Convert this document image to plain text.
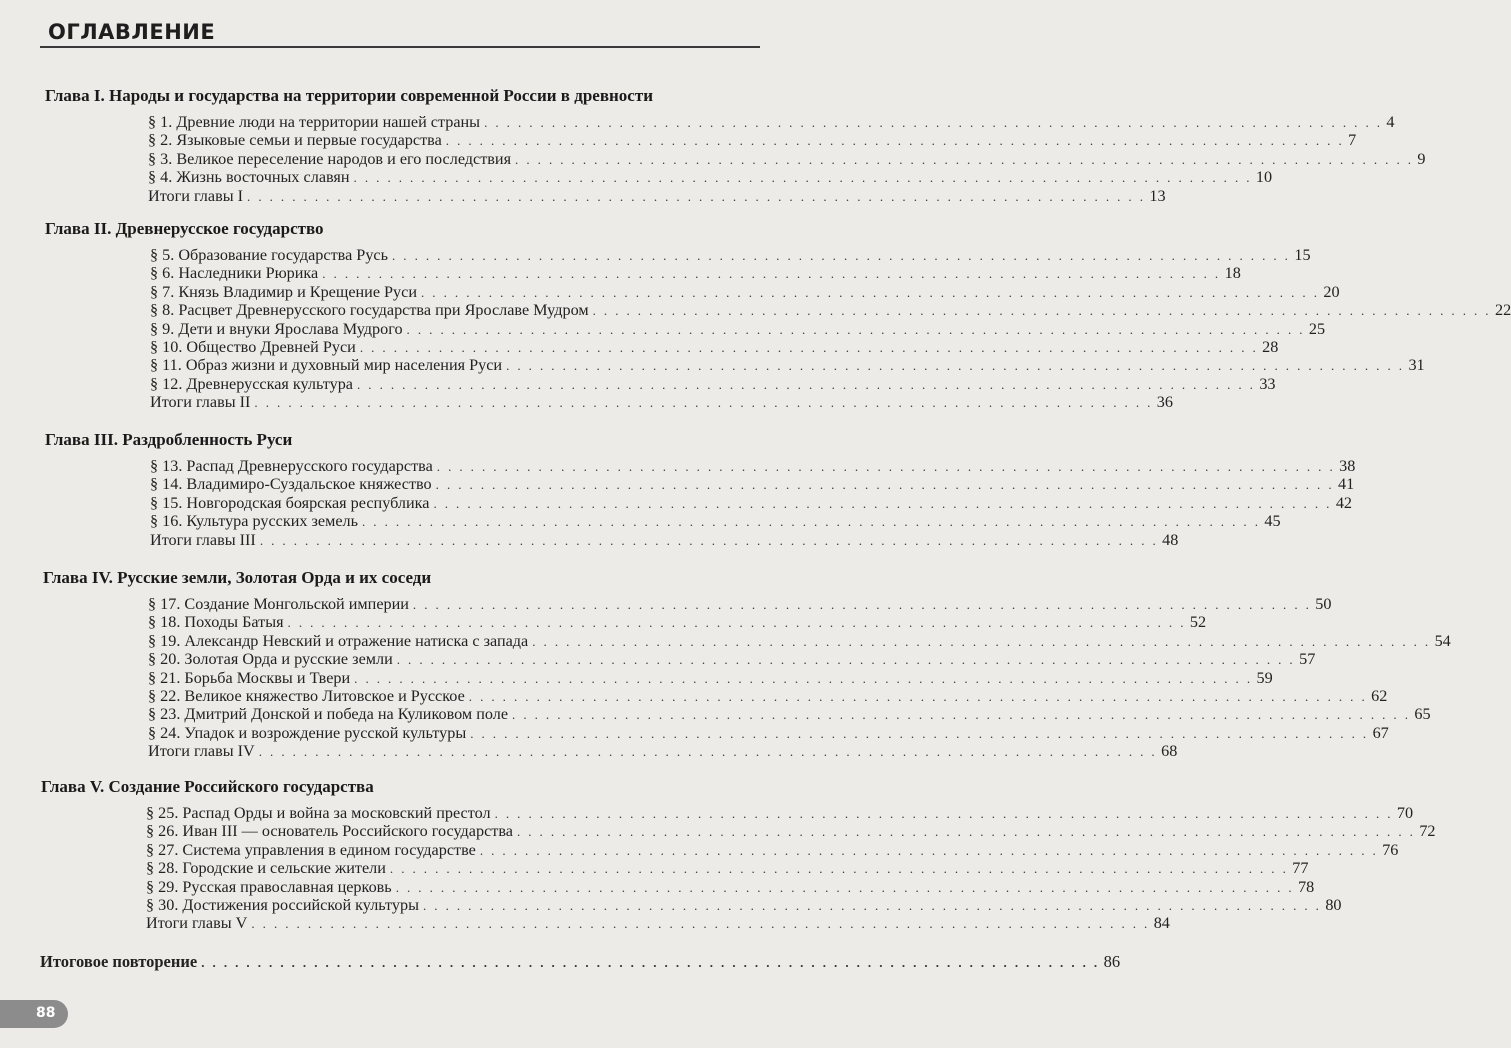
ОГЛАВЛЕНИЕ
Глава I. Народы и государства на территории современной России в древности
§ 1. Древние люди на территории нашей страны . . . . . . . . . . . . . . . . . . . . . . . . . . . . . . . . . . . . . . . . . . . . . . . . . . . . . . . . . . . . . . . . . . . . . . . . . . . . . . . . 4
§ 2. Языковые семьи и первые государства . . . . . . . . . . . . . . . . . . . . . . . . . . . . . . . . . . . . . . . . . . . . . . . . . . . . . . . . . . . . . . . . . . . . . . . . . . . . . . . . 7
§ 3. Великое переселение народов и его последствия . . . . . . . . . . . . . . . . . . . . . . . . . . . . . . . . . . . . . . . . . . . . . . . . . . . . . . . . . . . . . . . . . . . . . . . . . . . . . . . . 9
§ 4. Жизнь восточных славян . . . . . . . . . . . . . . . . . . . . . . . . . . . . . . . . . . . . . . . . . . . . . . . . . . . . . . . . . . . . . . . . . . . . . . . . . . . . . . . . 10
Итоги главы I . . . . . . . . . . . . . . . . . . . . . . . . . . . . . . . . . . . . . . . . . . . . . . . . . . . . . . . . . . . . . . . . . . . . . . . . . . . . . . . . 13
Глава II. Древнерусское государство
§ 5. Образование государства Русь . . . . . . . . . . . . . . . . . . . . . . . . . . . . . . . . . . . . . . . . . . . . . . . . . . . . . . . . . . . . . . . . . . . . . . . . . . . . . . . . 15
§ 6. Наследники Рюрика . . . . . . . . . . . . . . . . . . . . . . . . . . . . . . . . . . . . . . . . . . . . . . . . . . . . . . . . . . . . . . . . . . . . . . . . . . . . . . . . 18
§ 7. Князь Владимир и Крещение Руси . . . . . . . . . . . . . . . . . . . . . . . . . . . . . . . . . . . . . . . . . . . . . . . . . . . . . . . . . . . . . . . . . . . . . . . . . . . . . . . . 20
§ 8. Расцвет Древнерусского государства при Ярославе Мудром . . . . . . . . . . . . . . . . . . . . . . . . . . . . . . . . . . . . . . . . . . . . . . . . . . . . . . . . . . . . . . . . . . . . . . . . . . . . . . . . 22
§ 9. Дети и внуки Ярослава Мудрого . . . . . . . . . . . . . . . . . . . . . . . . . . . . . . . . . . . . . . . . . . . . . . . . . . . . . . . . . . . . . . . . . . . . . . . . . . . . . . . . 25
§ 10. Общество Древней Руси . . . . . . . . . . . . . . . . . . . . . . . . . . . . . . . . . . . . . . . . . . . . . . . . . . . . . . . . . . . . . . . . . . . . . . . . . . . . . . . . 28
§ 11. Образ жизни и духовный мир населения Руси . . . . . . . . . . . . . . . . . . . . . . . . . . . . . . . . . . . . . . . . . . . . . . . . . . . . . . . . . . . . . . . . . . . . . . . . . . . . . . . . 31
§ 12. Древнерусская культура . . . . . . . . . . . . . . . . . . . . . . . . . . . . . . . . . . . . . . . . . . . . . . . . . . . . . . . . . . . . . . . . . . . . . . . . . . . . . . . . 33
Итоги главы II . . . . . . . . . . . . . . . . . . . . . . . . . . . . . . . . . . . . . . . . . . . . . . . . . . . . . . . . . . . . . . . . . . . . . . . . . . . . . . . . 36
Глава III. Раздробленность Руси
§ 13. Распад Древнерусского государства . . . . . . . . . . . . . . . . . . . . . . . . . . . . . . . . . . . . . . . . . . . . . . . . . . . . . . . . . . . . . . . . . . . . . . . . . . . . . . . . 38
§ 14. Владимиро-Суздальское княжество . . . . . . . . . . . . . . . . . . . . . . . . . . . . . . . . . . . . . . . . . . . . . . . . . . . . . . . . . . . . . . . . . . . . . . . . . . . . . . . . 41
§ 15. Новгородская боярская республика . . . . . . . . . . . . . . . . . . . . . . . . . . . . . . . . . . . . . . . . . . . . . . . . . . . . . . . . . . . . . . . . . . . . . . . . . . . . . . . . 42
§ 16. Культура русских земель . . . . . . . . . . . . . . . . . . . . . . . . . . . . . . . . . . . . . . . . . . . . . . . . . . . . . . . . . . . . . . . . . . . . . . . . . . . . . . . . 45
Итоги главы III . . . . . . . . . . . . . . . . . . . . . . . . . . . . . . . . . . . . . . . . . . . . . . . . . . . . . . . . . . . . . . . . . . . . . . . . . . . . . . . . 48
Глава IV. Русские земли, Золотая Орда и их соседи
§ 17. Создание Монгольской империи . . . . . . . . . . . . . . . . . . . . . . . . . . . . . . . . . . . . . . . . . . . . . . . . . . . . . . . . . . . . . . . . . . . . . . . . . . . . . . . . 50
§ 18. Походы Батыя . . . . . . . . . . . . . . . . . . . . . . . . . . . . . . . . . . . . . . . . . . . . . . . . . . . . . . . . . . . . . . . . . . . . . . . . . . . . . . . . 52
§ 19. Александр Невский и отражение натиска с запада . . . . . . . . . . . . . . . . . . . . . . . . . . . . . . . . . . . . . . . . . . . . . . . . . . . . . . . . . . . . . . . . . . . . . . . . . . . . . . . . 54
§ 20. Золотая Орда и русские земли . . . . . . . . . . . . . . . . . . . . . . . . . . . . . . . . . . . . . . . . . . . . . . . . . . . . . . . . . . . . . . . . . . . . . . . . . . . . . . . . 57
§ 21. Борьба Москвы и Твери . . . . . . . . . . . . . . . . . . . . . . . . . . . . . . . . . . . . . . . . . . . . . . . . . . . . . . . . . . . . . . . . . . . . . . . . . . . . . . . . 59
§ 22. Великое княжество Литовское и Русское . . . . . . . . . . . . . . . . . . . . . . . . . . . . . . . . . . . . . . . . . . . . . . . . . . . . . . . . . . . . . . . . . . . . . . . . . . . . . . . . 62
§ 23. Дмитрий Донской и победа на Куликовом поле . . . . . . . . . . . . . . . . . . . . . . . . . . . . . . . . . . . . . . . . . . . . . . . . . . . . . . . . . . . . . . . . . . . . . . . . . . . . . . . . 65
§ 24. Упадок и возрождение русской культуры . . . . . . . . . . . . . . . . . . . . . . . . . . . . . . . . . . . . . . . . . . . . . . . . . . . . . . . . . . . . . . . . . . . . . . . . . . . . . . . . 67
Итоги главы IV . . . . . . . . . . . . . . . . . . . . . . . . . . . . . . . . . . . . . . . . . . . . . . . . . . . . . . . . . . . . . . . . . . . . . . . . . . . . . . . . 68
Глава V. Создание Российского государства
§ 25. Распад Орды и война за московский престол . . . . . . . . . . . . . . . . . . . . . . . . . . . . . . . . . . . . . . . . . . . . . . . . . . . . . . . . . . . . . . . . . . . . . . . . . . . . . . . . 70
§ 26. Иван III — основатель Российского государства . . . . . . . . . . . . . . . . . . . . . . . . . . . . . . . . . . . . . . . . . . . . . . . . . . . . . . . . . . . . . . . . . . . . . . . . . . . . . . . . 72
§ 27. Система управления в едином государстве . . . . . . . . . . . . . . . . . . . . . . . . . . . . . . . . . . . . . . . . . . . . . . . . . . . . . . . . . . . . . . . . . . . . . . . . . . . . . . . . 76
§ 28. Городские и сельские жители . . . . . . . . . . . . . . . . . . . . . . . . . . . . . . . . . . . . . . . . . . . . . . . . . . . . . . . . . . . . . . . . . . . . . . . . . . . . . . . . 77
§ 29. Русская православная церковь . . . . . . . . . . . . . . . . . . . . . . . . . . . . . . . . . . . . . . . . . . . . . . . . . . . . . . . . . . . . . . . . . . . . . . . . . . . . . . . . 78
§ 30. Достижения российской культуры . . . . . . . . . . . . . . . . . . . . . . . . . . . . . . . . . . . . . . . . . . . . . . . . . . . . . . . . . . . . . . . . . . . . . . . . . . . . . . . . 80
Итоги главы V . . . . . . . . . . . . . . . . . . . . . . . . . . . . . . . . . . . . . . . . . . . . . . . . . . . . . . . . . . . . . . . . . . . . . . . . . . . . . . . . 84
Итоговое повторение . . . . . . . . . . . . . . . . . . . . . . . . . . . . . . . . . . . . . . . . . . . . . . . . . . . . . . . . . . . . . . . . . . . . . . . . . . . . . . . . 86
88
